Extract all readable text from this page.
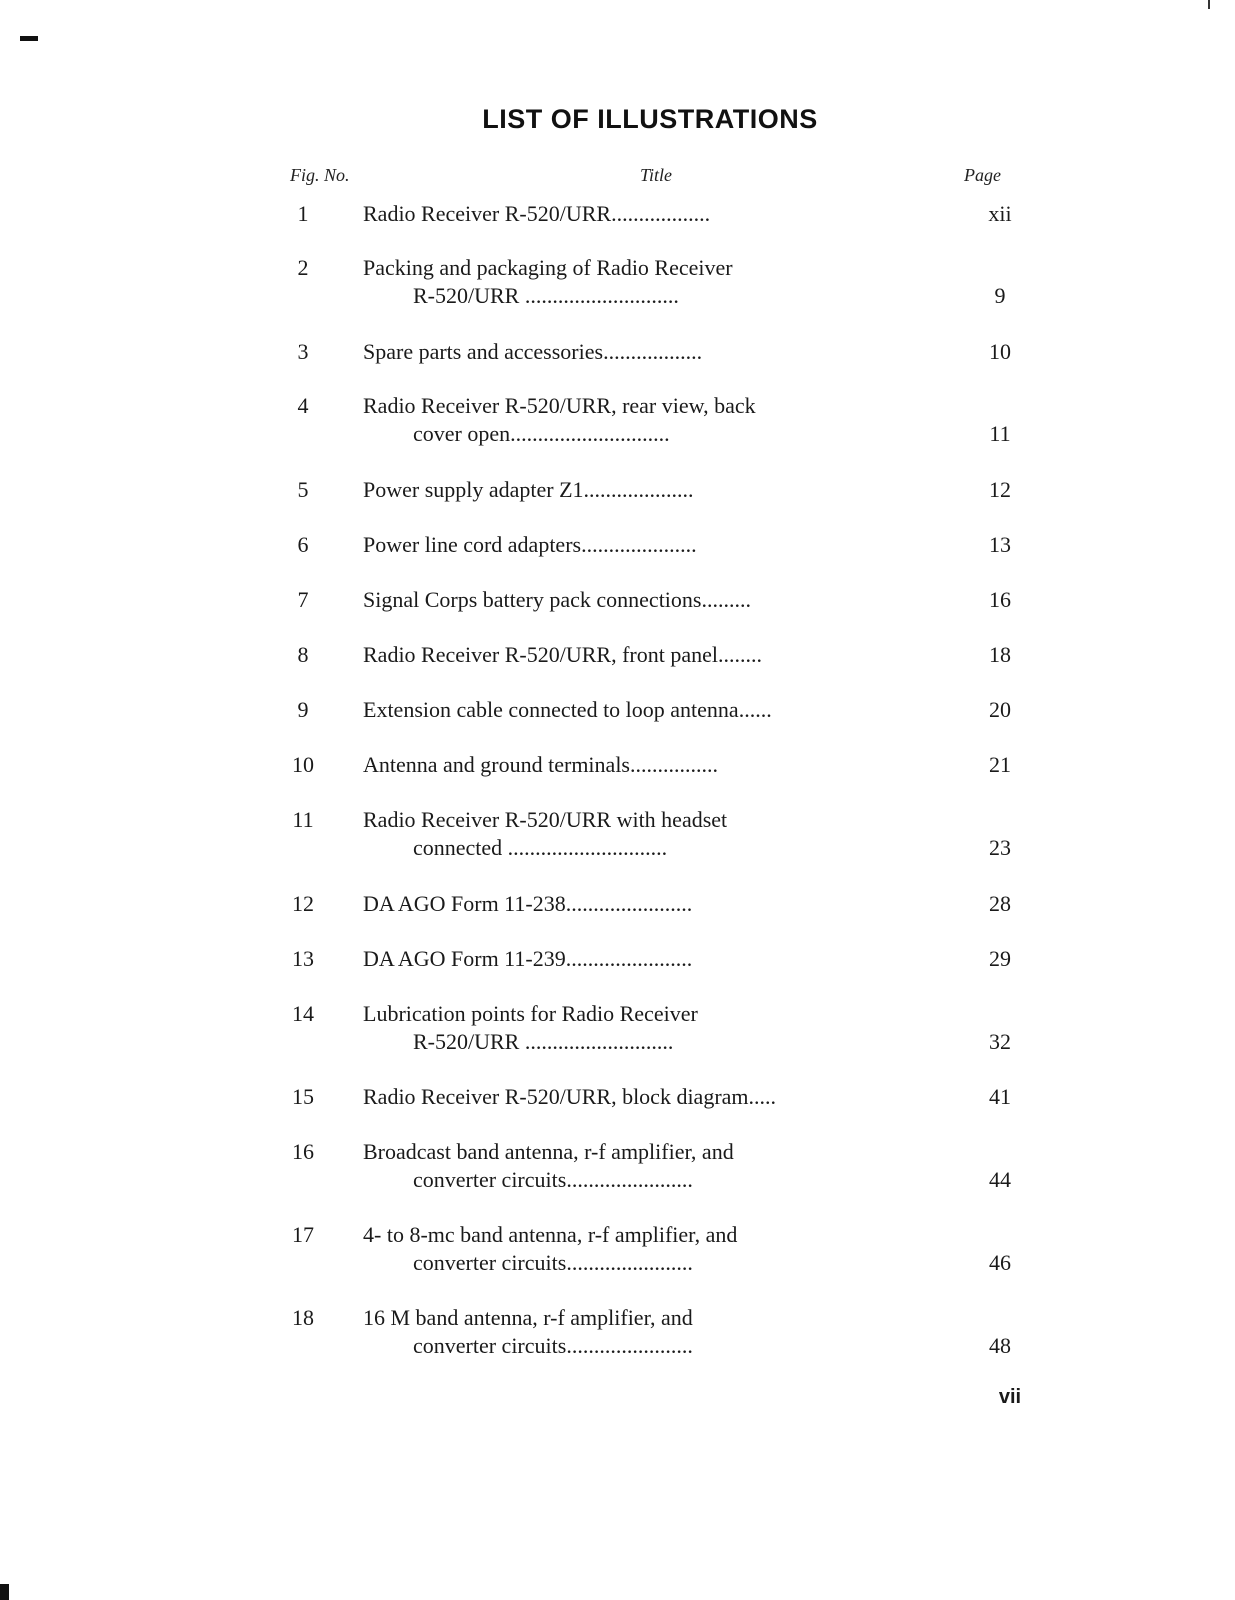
LIST OF ILLUSTRATIONS
Fig. No.	Title	Page
1	Radio Receiver R-520/URR..................	xii
2	Packing and packaging of Radio Receiver
R-520/URR ............................	9
3	Spare parts and accessories..................	10
4	Radio Receiver R-520/URR, rear view, back
cover open.............................	11
5	Power supply adapter Z1....................	12
6	Power line cord adapters.....................	13
7	Signal Corps battery pack connections.........	16
8	Radio Receiver R-520/URR, front panel........	18
9	Extension cable connected to loop antenna......	20
10	Antenna and ground terminals................	21
11	Radio Receiver R-520/URR with headset
connected .............................	23
12	DA AGO Form 11-238.......................	28
13	DA AGO Form 11-239.......................	29
14	Lubrication points for Radio Receiver
R-520/URR ...........................	32
15	Radio Receiver R-520/URR, block diagram.....	41
16	Broadcast band antenna, r-f amplifier, and
converter circuits.......................	44
17	4- to 8-mc band antenna, r-f amplifier, and
converter circuits.......................	46
18	16 M band antenna, r-f amplifier, and
converter circuits.......................	48
vii
